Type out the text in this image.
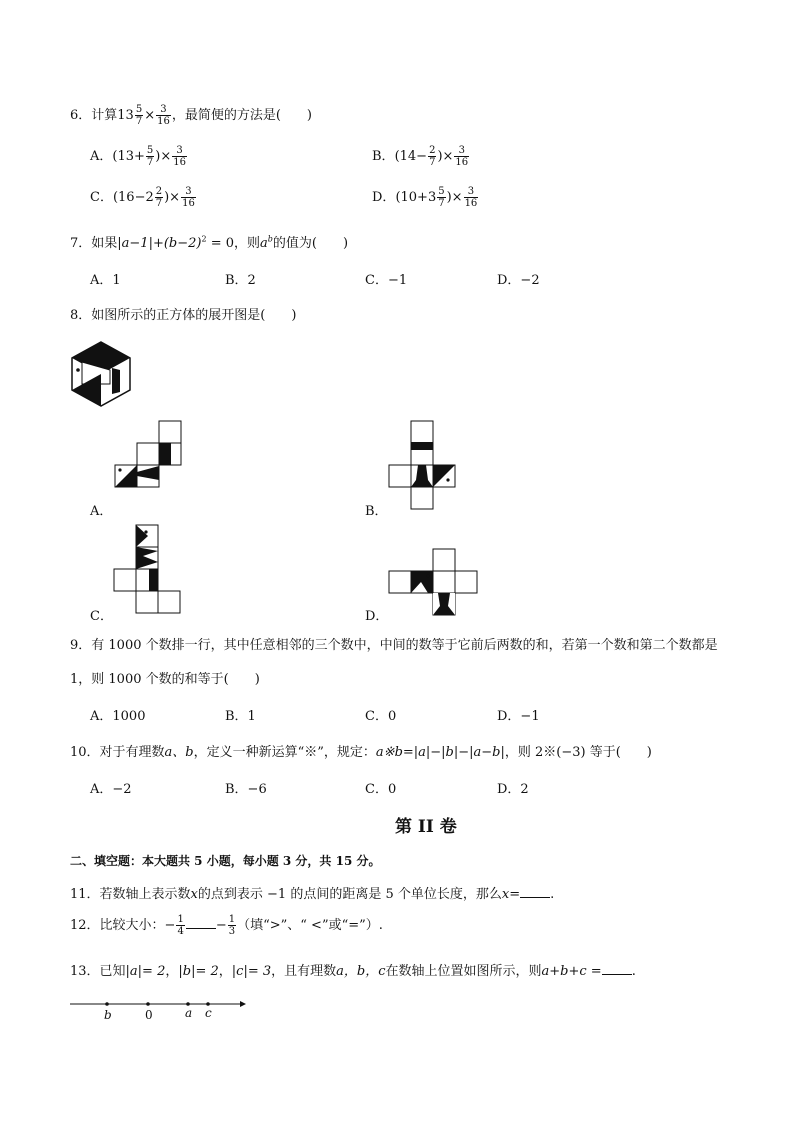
6．计算$13 \frac{5}{7} \times \frac{3}{16}$ ，最简便的方法是(　　)
A．($13+ \frac{5}{7}$ )× $\frac{3}{16}$	B．($14- \frac{2}{7}$ )× $\frac{3}{16}$
C．($16-2 \frac{2}{7}$ )× $\frac{3}{16}$	D．($10+3 \frac{5}{7}$ )× $\frac{3}{16}$
7．如果$|a-1|+(b-2)^2 = 0$，则$a^b$的值为(　　)
A．1	B．2	C．−1	D．−2
8．如图所示的正方体的展开图是(　　)
A．	B．
C．	D．
9．有 1000 个数排一行，其中任意相邻的三个数中，中间的数等于它前后两数的和，若第一个数和第二个数都是
1，则 1000 个数的和等于(　　)
A．1000	B．1	C．0	D．−1
10．对于有理数a、b，定义一种新运算“※”，规定：a※b=|a|−|b|−|a−b|，则 2※(−3) 等于(　　)
A．−2	B．−6	C．0	D．2
第 II 卷
二、填空题：本大题共 5 小题，每小题 3 分，共 15 分。
11．若数轴上表示数x的点到表示 −1 的点间的距离是 5 个单位长度，那么x= .
12．比较大小：− $\frac{1}{4} - \frac{1}{3}$ （填“>”、“ <”或“=”）.
13．已知|a|= 2，|b|= 2，|c|= 3，且有理数a，b，c在数轴上位置如图所示，则a+b+c = .
b	0	a c
